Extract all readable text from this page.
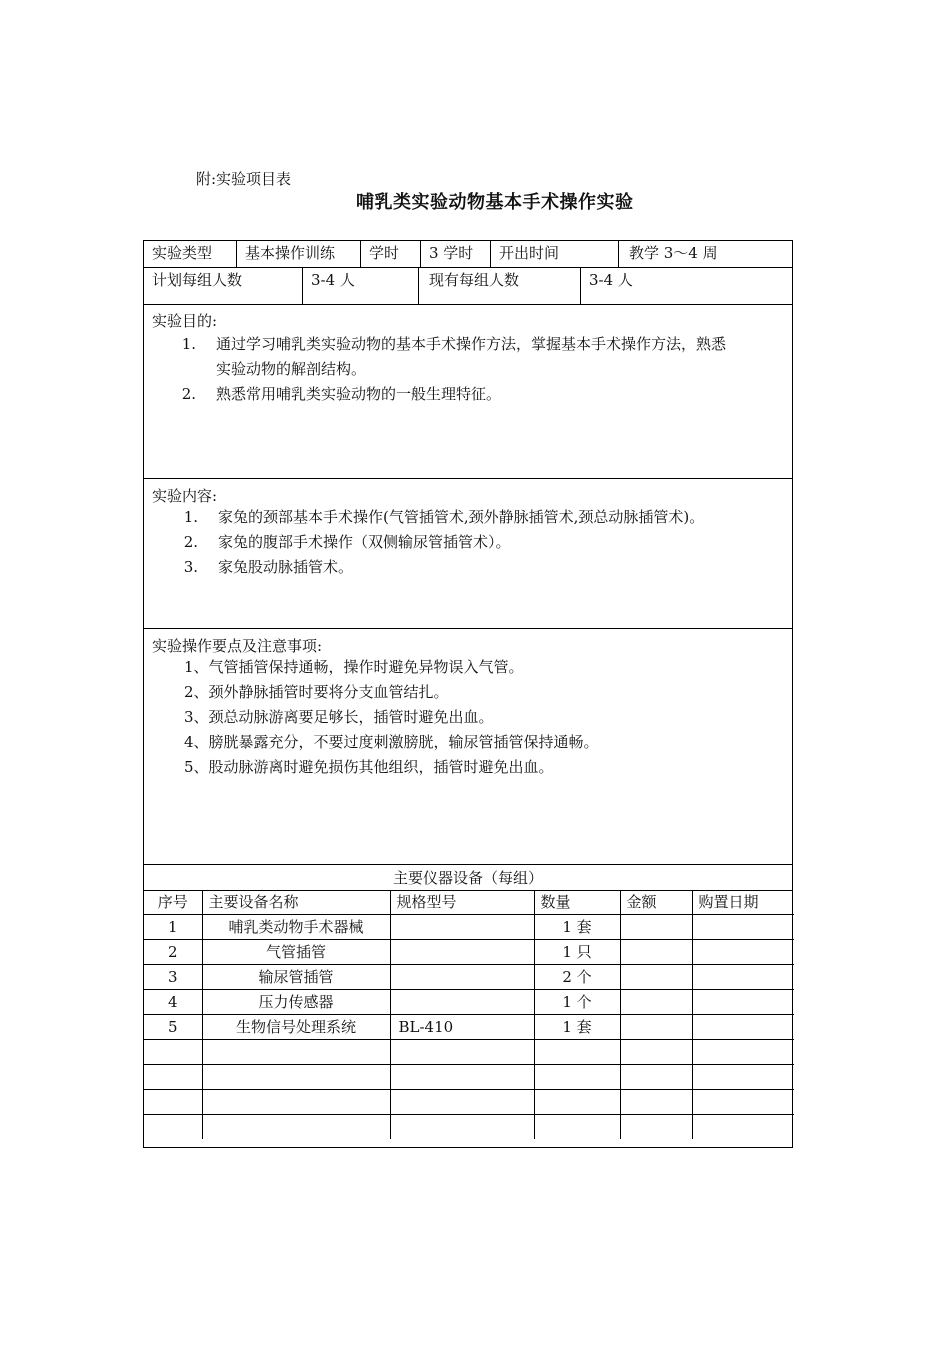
附:实验项目表
哺乳类实验动物基本手术操作实验
实验类型	基本操作训练	学时	3 学时	开出时间	教学 3～4 周
计划每组人数	3-4 人	现有每组人数	3-4 人
实验目的:
1. 通过学习哺乳类实验动物的基本手术操作方法，掌握基本手术操作方法，熟悉
实验动物的解剖结构。
2. 熟悉常用哺乳类实验动物的一般生理特征。
实验内容:
1. 家兔的颈部基本手术操作(气管插管术,颈外静脉插管术,颈总动脉插管术)。
2. 家兔的腹部手术操作（双侧输尿管插管术）。
3. 家兔股动脉插管术。
实验操作要点及注意事项:
1、气管插管保持通畅，操作时避免异物误入气管。
2、颈外静脉插管时要将分支血管结扎。
3、颈总动脉游离要足够长，插管时避免出血。
4、膀胱暴露充分，不要过度刺激膀胱，输尿管插管保持通畅。
5、股动脉游离时避免损伤其他组织，插管时避免出血。
主要仪器设备（每组）
序号	主要设备名称	规格型号	数量	金额	购置日期
1	哺乳类动物手术器械		1 套		
2	气管插管		1 只		
3	输尿管插管		2 个		
4	压力传感器		1 个		
5	生物信号处理系统	BL-410	1 套		
